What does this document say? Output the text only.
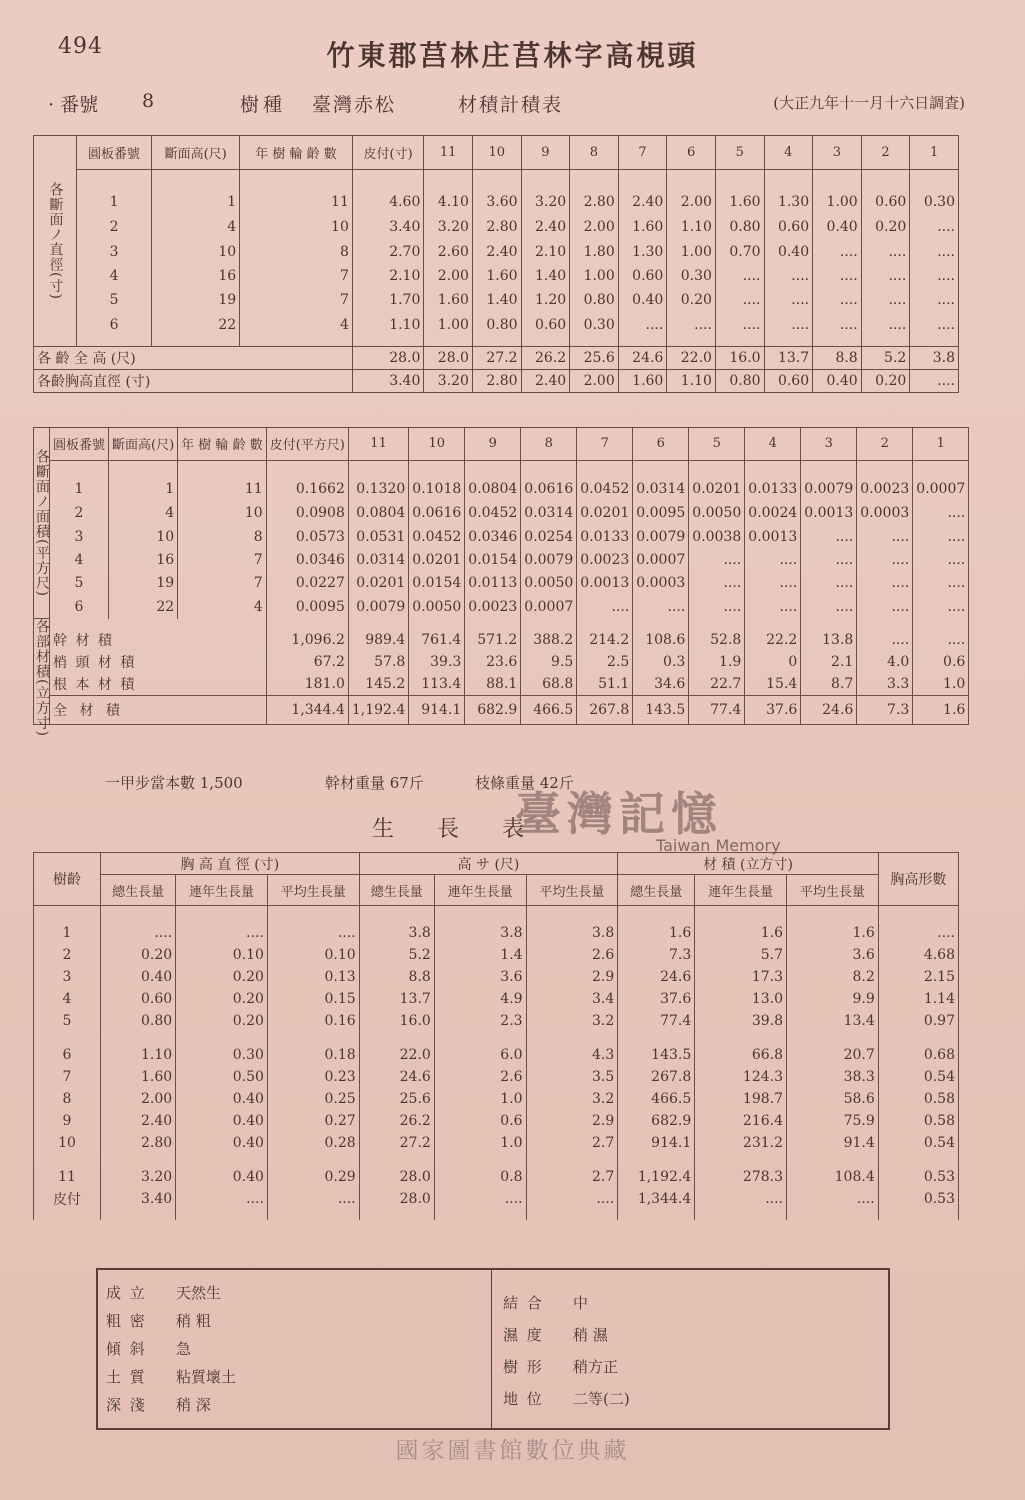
494	竹東郡莒林庄莒林字高梘頭
· 番號 8	樹種 臺灣赤松	材積計積表	(大正九年十一月十六日調査)
各斷面ノ直徑(寸)	圓板番號	斷面高(尺)	年 樹 輪 齡 數	皮付(寸)	11	10	9	8	7	6	5	4	3	2	1
	1	1	11	4.60	4.10	3.60	3.20	2.80	2.40	2.00	1.60	1.30	1.00	0.60	0.30
	2	4	10	3.40	3.20	2.80	2.40	2.00	1.60	1.10	0.80	0.60	0.40	0.20	....
	3	10	8	2.70	2.60	2.40	2.10	1.80	1.30	1.00	0.70	0.40	....	....	....
	4	16	7	2.10	2.00	1.60	1.40	1.00	0.60	0.30	....	....	....	....	....
	5	19	7	1.70	1.60	1.40	1.20	0.80	0.40	0.20	....	....	....	....	....
	6	22	4	1.10	1.00	0.80	0.60	0.30	....	....	....	....	....	....	....

各 齡 全 高 (尺)				28.0	28.0	27.2	26.2	25.6	24.6	22.0	16.0	13.7	8.8	5.2	3.8
各齡胸高直徑 (寸)				3.40	3.20	2.80	2.40	2.00	1.60	1.10	0.80	0.60	0.40	0.20	....
各斷面ノ面積(平方尺)	圓板番號	斷面高(尺)	年 樹 輪 齡 數	皮付(平方尺)	11	10	9	8	7	6	5	4	3	2	1
	1	1	11	0.1662	0.1320	0.1018	0.0804	0.0616	0.0452	0.0314	0.0201	0.0133	0.0079	0.0023	0.0007
	2	4	10	0.0908	0.0804	0.0616	0.0452	0.0314	0.0201	0.0095	0.0050	0.0024	0.0013	0.0003	....
	3	10	8	0.0573	0.0531	0.0452	0.0346	0.0254	0.0133	0.0079	0.0038	0.0013	....	....	....
	4	16	7	0.0346	0.0314	0.0201	0.0154	0.0079	0.0023	0.0007	....	....	....	....	....
	5	19	7	0.0227	0.0201	0.0154	0.0113	0.0050	0.0013	0.0003	....	....	....	....	....
	6	22	4	0.0095	0.0079	0.0050	0.0023	0.0007	....	....	....	....	....	....	....
各部材積(立方寸)	幹 材 積			1,096.2	989.4	761.4	571.2	388.2	214.2	108.6	52.8	22.2	13.8	....	....
	梢 頭 材 積			67.2	57.8	39.3	23.6	9.5	2.5	0.3	1.9	0	2.1	4.0	0.6
	根 本 材 積			181.0	145.2	113.4	88.1	68.8	51.1	34.6	22.7	15.4	8.7	3.3	1.0
	全 材 積			1,344.4	1,192.4	914.1	682.9	466.5	267.8	143.5	77.4	37.6	24.6	7.3	1.6
一甲步當本數 1,500	幹材重量 67斤	枝條重量 42斤
生 長 表
臺灣記憶
Taiwan Memory
樹齡	胸 高 直 徑 (寸)			高 サ (尺)			材 積 (立方寸)			胸高形數
	總生長量	連年生長量	平均生長量	總生長量	連年生長量	平均生長量	總生長量	連年生長量	平均生長量	
1	....	....	....	3.8	3.8	3.8	1.6	1.6	1.6	....
2	0.20	0.10	0.10	5.2	1.4	2.6	7.3	5.7	3.6	4.68
3	0.40	0.20	0.13	8.8	3.6	2.9	24.6	17.3	8.2	2.15
4	0.60	0.20	0.15	13.7	4.9	3.4	37.6	13.0	9.9	1.14
5	0.80	0.20	0.16	16.0	2.3	3.2	77.4	39.8	13.4	0.97
6	1.10	0.30	0.18	22.0	6.0	4.3	143.5	66.8	20.7	0.68
7	1.60	0.50	0.23	24.6	2.6	3.5	267.8	124.3	38.3	0.54
8	2.00	0.40	0.25	25.6	1.0	3.2	466.5	198.7	58.6	0.58
9	2.40	0.40	0.27	26.2	0.6	2.9	682.9	216.4	75.9	0.58
10	2.80	0.40	0.28	27.2	1.0	2.7	914.1	231.2	91.4	0.54
11	3.20	0.40	0.29	28.0	0.8	2.7	1,192.4	278.3	108.4	0.53
皮付	3.40	....	....	28.0	....	....	1,344.4	....	....	0.53
成 立 天然生
粗 密 稍 粗
傾 斜 急
土 質 粘質壞土
深 淺 稍 深
結 合 中
濕 度 稍 濕
樹 形 稍方正
地 位 二等(二)
國家圖書館數位典藏
